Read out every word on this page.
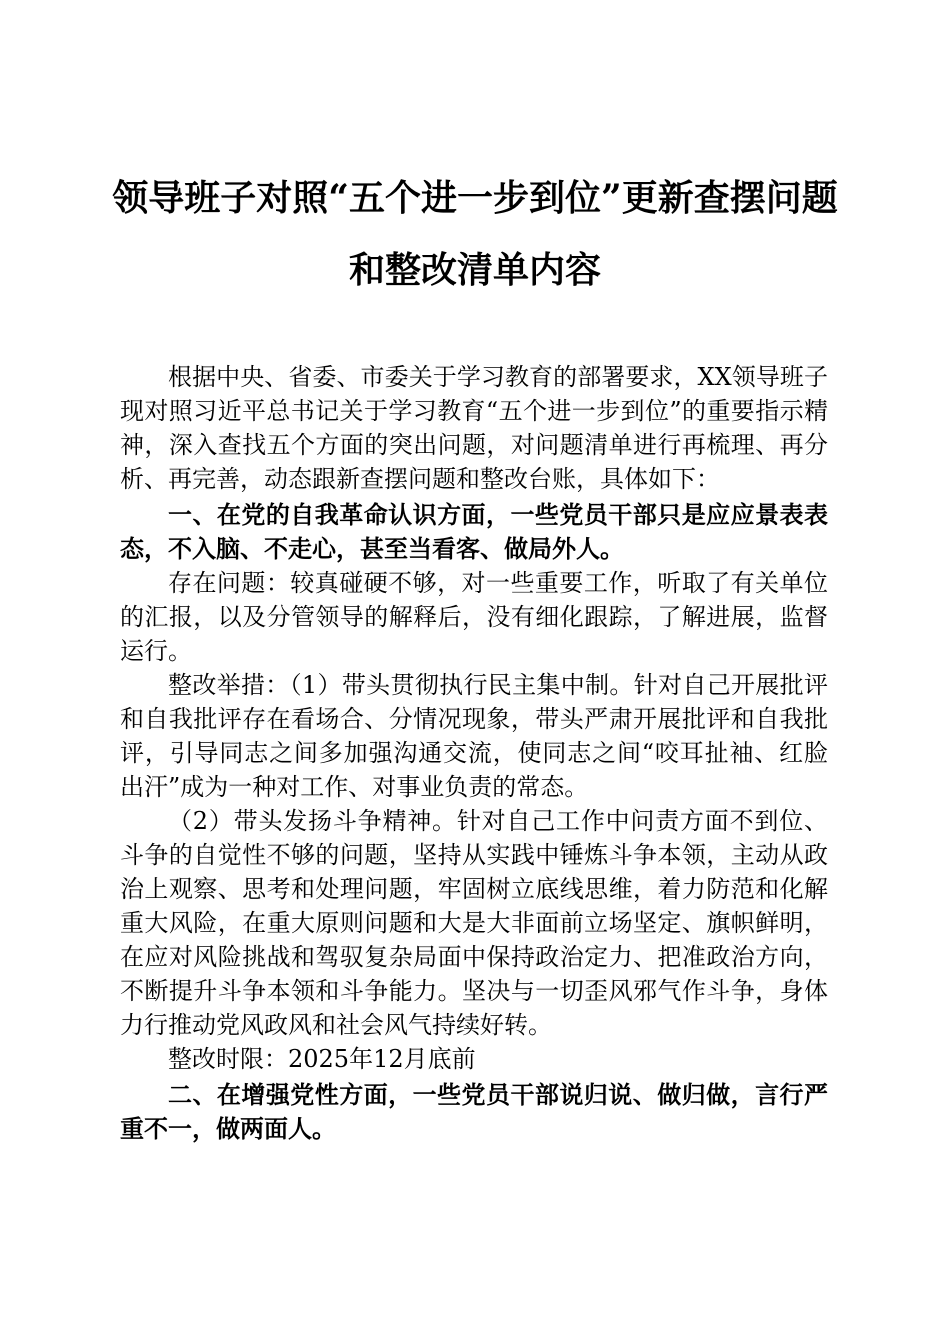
领导班子对照“五个进一步到位”更新查摆问题和整改清单内容

根据中央、省委、市委关于学习教育的部署要求，XX领导班子现对照习近平总书记关于学习教育“五个进一步到位”的重要指示精神，深入查找五个方面的突出问题，对问题清单进行再梳理、再分析、再完善，动态跟新查摆问题和整改台账，具体如下：

一、在党的自我革命认识方面，一些党员干部只是应应景表表态，不入脑、不走心，甚至当看客、做局外人。

存在问题：较真碰硬不够，对一些重要工作，听取了有关单位的汇报，以及分管领导的解释后，没有细化跟踪，了解进展，监督运行。

整改举措：（1）带头贯彻执行民主集中制。针对自己开展批评和自我批评存在看场合、分情况现象，带头严肃开展批评和自我批评，引导同志之间多加强沟通交流，使同志之间“咬耳扯袖、红脸出汗”成为一种对工作、对事业负责的常态。

（2）带头发扬斗争精神。针对自己工作中问责方面不到位、斗争的自觉性不够的问题，坚持从实践中锤炼斗争本领，主动从政治上观察、思考和处理问题，牢固树立底线思维，着力防范和化解重大风险，在重大原则问题和大是大非面前立场坚定、旗帜鲜明，在应对风险挑战和驾驭复杂局面中保持政治定力、把准政治方向，不断提升斗争本领和斗争能力。坚决与一切歪风邪气作斗争，身体力行推动党风政风和社会风气持续好转。

整改时限：2025年12月底前

二、在增强党性方面，一些党员干部说归说、做归做，言行严重不一，做两面人。
